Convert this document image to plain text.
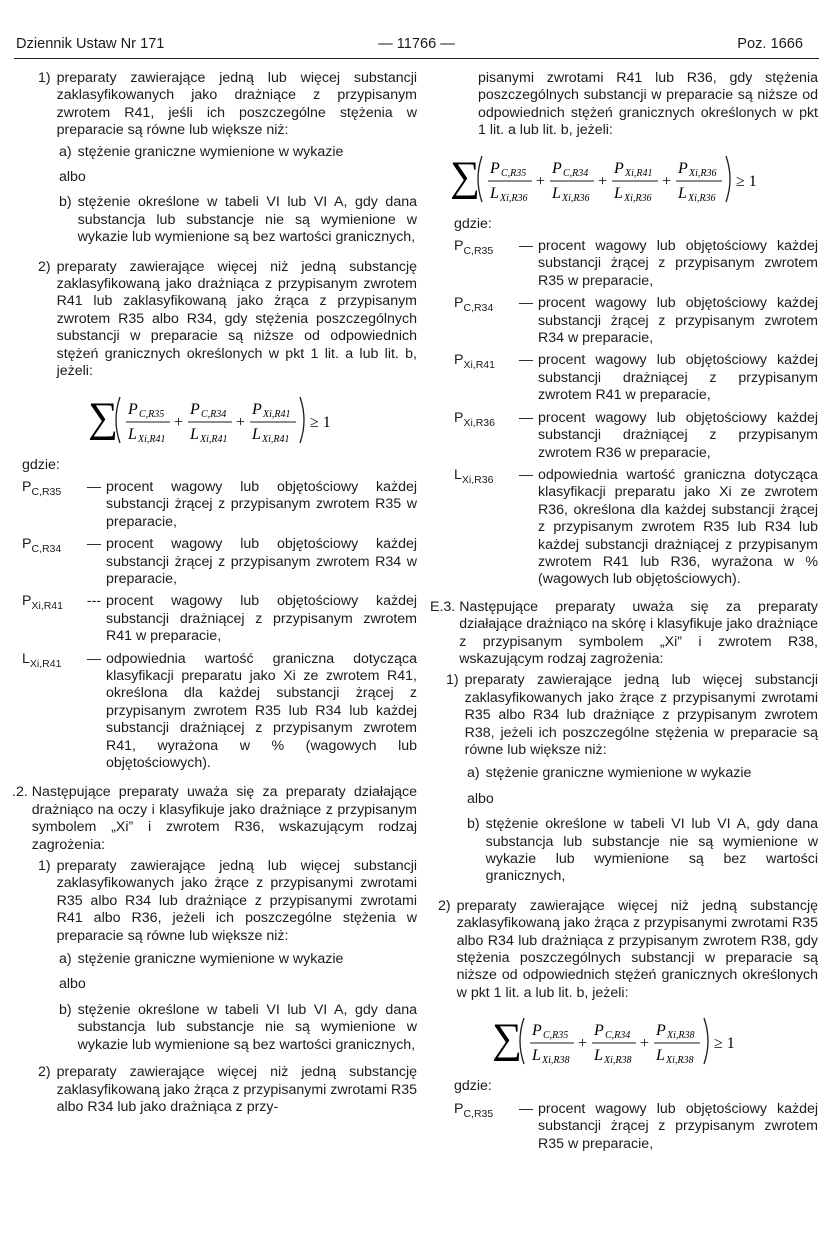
Dziennik Ustaw Nr 171	— 11766 —	Poz. 1666
1) preparaty zawierające jedną lub więcej substancji zaklasyfikowanych jako drażniące z przypisanym zwrotem R41, jeśli ich poszczególne stężenia w preparacie są równe lub większe niż:
a) stężenie graniczne wymienione w wykazie

albo

b) stężenie określone w tabeli VI lub VI A, gdy dana substancja lub substancje nie są wymienione w wykazie lub wymienione są bez wartości granicznych,
2) preparaty zawierające więcej niż jedną substancję zaklasyfikowaną jako drażniąca z przypisanym zwrotem R41 lub zaklasyfikowaną jako żrąca z przypisanym zwrotem R35 albo R34, gdy stężenia poszczególnych substancji w preparacie są niższe od odpowiednich stężeń granicznych określonych w pkt 1 lit. a lub lit. b, jeżeli:
∑ P C,R35
L Xi,R41
+
P C,R34
L Xi,R41
+
P Xi,R41
L Xi,R41
≥ 1

gdzie:

$P_{C,R35}$	— procent wagowy lub objętościowy każdej substancji żrącej z przypisanym zwrotem R35 w preparacie,
$P_{C,R34}$	— procent wagowy lub objętościowy każdej substancji żrącej z przypisanym zwrotem R34 w preparacie,
$P_{Xi,R41}$	--- procent wagowy lub objętościowy każdej substancji drażniącej z przypisanym zwrotem R41 w preparacie,
$L_{Xi,R41}$	— odpowiednia wartość graniczna dotycząca klasyfikacji preparatu jako Xi ze zwrotem R41, określona dla każdej substancji żrącej z przypisanym zwrotem R35 lub R34 lub każdej substancji drażniącej z przypisanym zwrotem R41, wyrażona w % (wagowych lub objętościowych).
.2. Następujące preparaty uważa się za preparaty działające drażniąco na oczy i klasyfikuje jako drażniące z przypisanym symbolem „Xi” i zwrotem R36, wskazującym rodzaj zagrożenia:
1) preparaty zawierające jedną lub więcej substancji zaklasyfikowanych jako żrące z przypisanymi zwrotami R35 albo R34 lub drażniące z przypisanymi zwrotami R41 albo R36, jeżeli ich poszczególne stężenia w preparacie są równe lub większe niż:
a) stężenie graniczne wymienione w wykazie

albo

b) stężenie określone w tabeli VI lub VI A, gdy dana substancja lub substancje nie są wymienione w wykazie lub wymienione są bez wartości granicznych,
2) preparaty zawierające więcej niż jedną substancję zaklasyfikowaną jako żrąca z przypisanymi zwrotami R35 albo R34 lub jako drażniąca z przy-

pisanymi zwrotami R41 lub R36, gdy stężenia poszczególnych substancji w preparacie są niższe od odpowiednich stężeń granicznych określonych w pkt 1 lit. a lub lit. b, jeżeli:

∑ P C,R35
L Xi,R36
+
P C,R34
L Xi,R36
+
P Xi,R41
L Xi,R36
+
P Xi,R36
L Xi,R36
≥ 1

gdzie:

$P_{C,R35}$	— procent wagowy lub objętościowy każdej substancji żrącej z przypisanym zwrotem R35 w preparacie,
$P_{C,R34}$	— procent wagowy lub objętościowy każdej substancji żrącej z przypisanym zwrotem R34 w preparacie,
$P_{Xi,R41}$	— procent wagowy lub objętościowy każdej substancji drażniącej z przypisanym zwrotem R41 w preparacie,
$P_{Xi,R36}$	— procent wagowy lub objętościowy każdej substancji drażniącej z przypisanym zwrotem R36 w preparacie,
$L_{Xi,R36}$	— odpowiednia wartość graniczna dotycząca klasyfikacji preparatu jako Xi ze zwrotem R36, określona dla każdej substancji żrącej z przypisanym zwrotem R35 lub R34 lub każdej substancji drażniącej z przypisanym zwrotem R41 lub R36, wyrażona w % (wagowych lub objętościowych).
E.3. Następujące preparaty uważa się za preparaty działające drażniąco na skórę i klasyfikuje jako drażniące z przypisanym symbolem „Xi” i zwrotem R38, wskazującym rodzaj zagrożenia:
1) preparaty zawierające jedną lub więcej substancji zaklasyfikowanych jako żrące z przypisanymi zwrotami R35 albo R34 lub drażniące z przypisanym zwrotem R38, jeżeli ich poszczególne stężenia w preparacie są równe lub większe niż:
a) stężenie graniczne wymienione w wykazie

albo

b) stężenie określone w tabeli VI lub VI A, gdy dana substancja lub substancje nie są wymienione w wykazie lub wymienione są bez wartości granicznych,
2) preparaty zawierające więcej niż jedną substancję zaklasyfikowaną jako żrąca z przypisanymi zwrotami R35 albo R34 lub drażniąca z przypisanym zwrotem R38, gdy stężenia poszczególnych substancji w preparacie są niższe od odpowiednich stężeń granicznych określonych w pkt 1 lit. a lub lit. b, jeżeli:
∑ P C,R35
L Xi,R38
+
P C,R34
L Xi,R38
+
P Xi,R38
L Xi,R38
≥ 1

gdzie:

$P_{C,R35}$	— procent wagowy lub objętościowy każdej substancji żrącej z przypisanym zwrotem R35 w preparacie,
